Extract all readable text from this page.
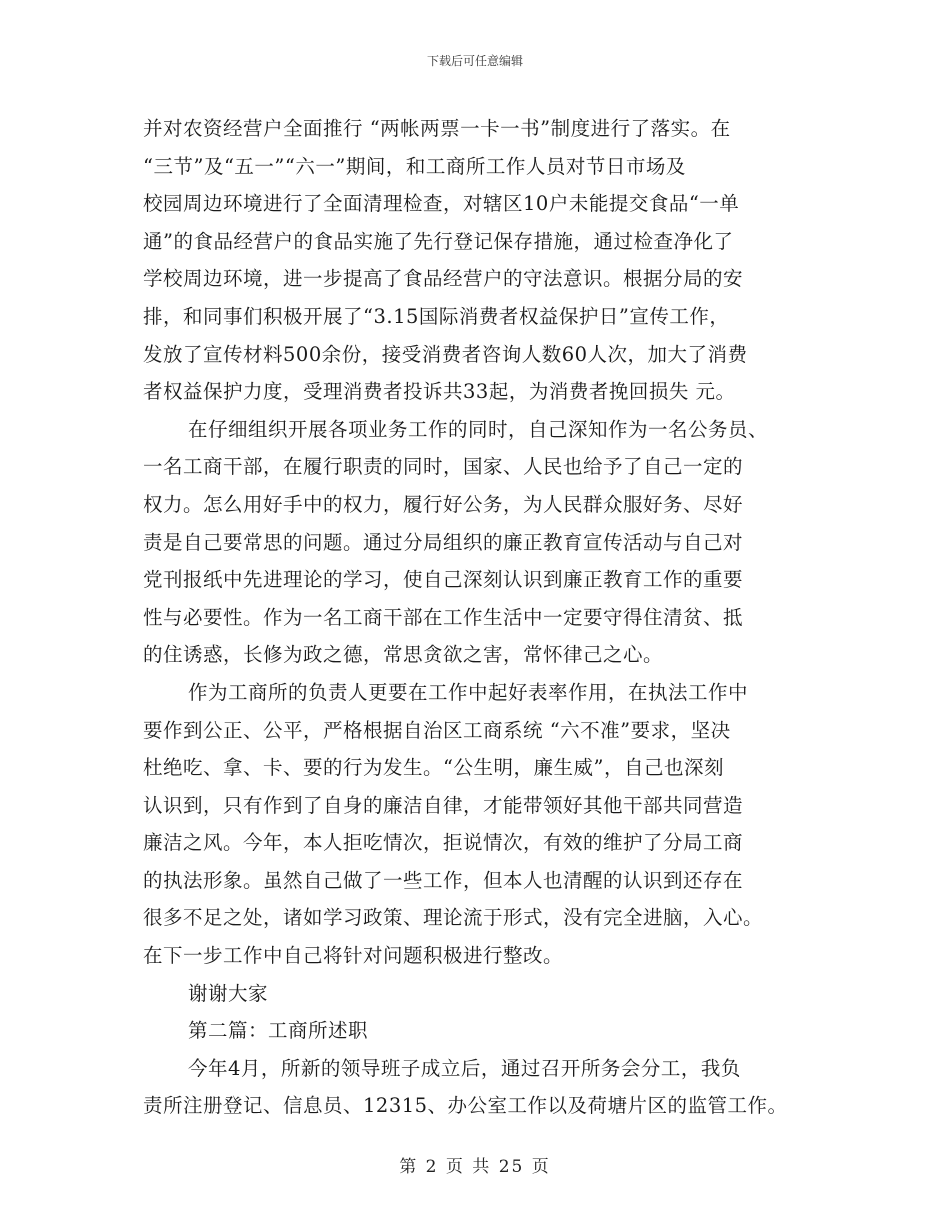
下载后可任意编辑
并对农资经营户全面推行 “两帐两票一卡一书”制度进行了落实。在
“三节”及“五一”“六一”期间，和工商所工作人员对节日市场及
校园周边环境进行了全面清理检查，对辖区10户未能提交食品“一单
通”的食品经营户的食品实施了先行登记保存措施，通过检查净化了
学校周边环境，进一步提高了食品经营户的守法意识。根据分局的安
排，和同事们积极开展了“3.15国际消费者权益保护日”宣传工作，
发放了宣传材料500余份，接受消费者咨询人数60人次，加大了消费
者权益保护力度，受理消费者投诉共33起，为消费者挽回损失 元。
在仔细组织开展各项业务工作的同时，自己深知作为一名公务员、
一名工商干部，在履行职责的同时，国家、人民也给予了自己一定的
权力。怎么用好手中的权力，履行好公务，为人民群众服好务、尽好
责是自己要常思的问题。通过分局组织的廉正教育宣传活动与自己对
党刊报纸中先进理论的学习，使自己深刻认识到廉正教育工作的重要
性与必要性。作为一名工商干部在工作生活中一定要守得住清贫、抵
的住诱惑，长修为政之德，常思贪欲之害，常怀律己之心。
作为工商所的负责人更要在工作中起好表率作用，在执法工作中
要作到公正、公平，严格根据自治区工商系统 “六不准”要求，坚决
杜绝吃、拿、卡、要的行为发生。“公生明，廉生威”，自己也深刻
认识到，只有作到了自身的廉洁自律，才能带领好其他干部共同营造
廉洁之风。今年，本人拒吃情次，拒说情次，有效的维护了分局工商
的执法形象。虽然自己做了一些工作，但本人也清醒的认识到还存在
很多不足之处，诸如学习政策、理论流于形式，没有完全进脑，入心。
在下一步工作中自己将针对问题积极进行整改。
谢谢大家
第二篇：工商所述职
今年4月，所新的领导班子成立后，通过召开所务会分工，我负
责所注册登记、信息员、12315、办公室工作以及荷塘片区的监管工作。
第 2 页 共 25 页
